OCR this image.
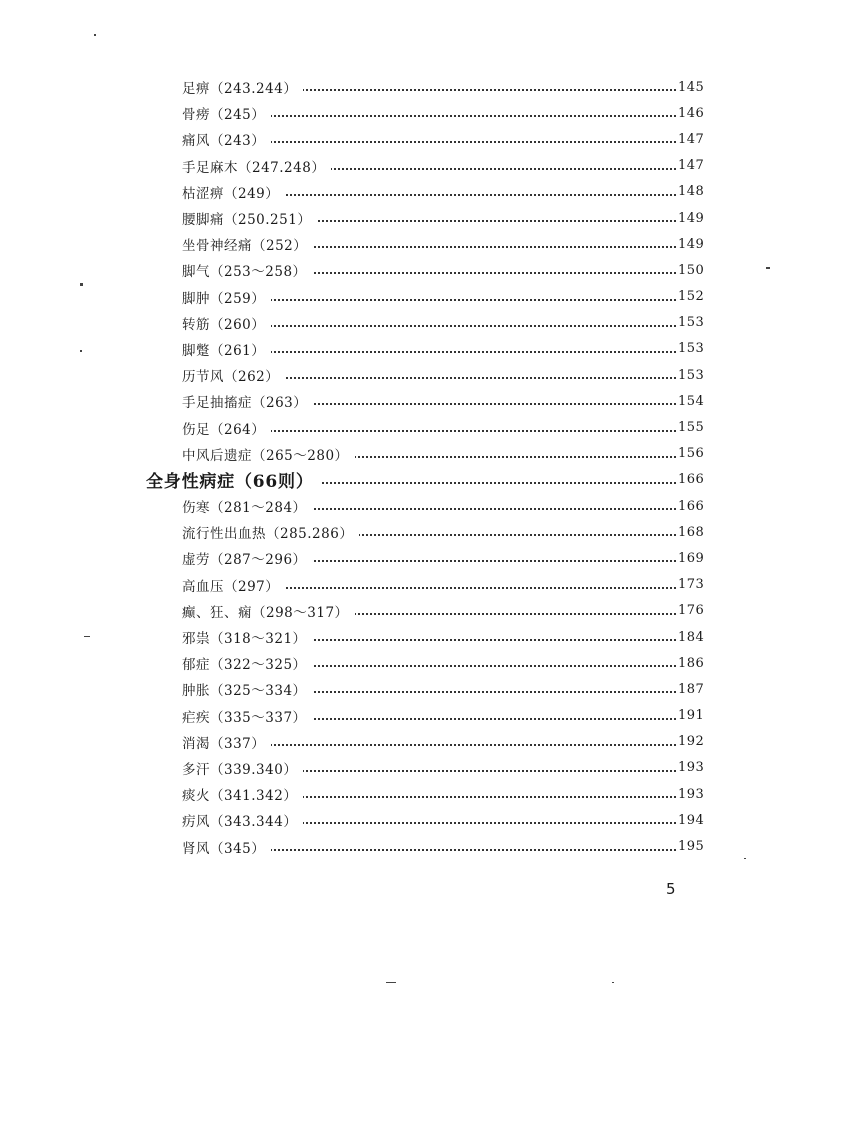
足痹（243.244）	145
骨痨（245）	146
痛风（243）	147
手足麻木（247.248）	147
枯涩痹（249）	148
腰脚痛（250.251）	149
坐骨神经痛（252）	149
脚气（253～258）	150
脚肿（259）	152
转筋（260）	153
脚蹩（261）	153
历节风（262）	153
手足抽搐症（263）	154
伤足（264）	155
中风后遗症（265～280）	156
全身性病症（66则）	166
伤寒（281～284）	166
流行性出血热（285.286）	168
虚劳（287～296）	169
高血压（297）	173
癫、狂、痫（298～317）	176
邪祟（318～321）	184
郁症（322～325）	186
肿胀（325～334）	187
疟疾（335～337）	191
消渴（337）	192
多汗（339.340）	193
痰火（341.342）	193
疠风（343.344）	194
肾风（345）	195
5
